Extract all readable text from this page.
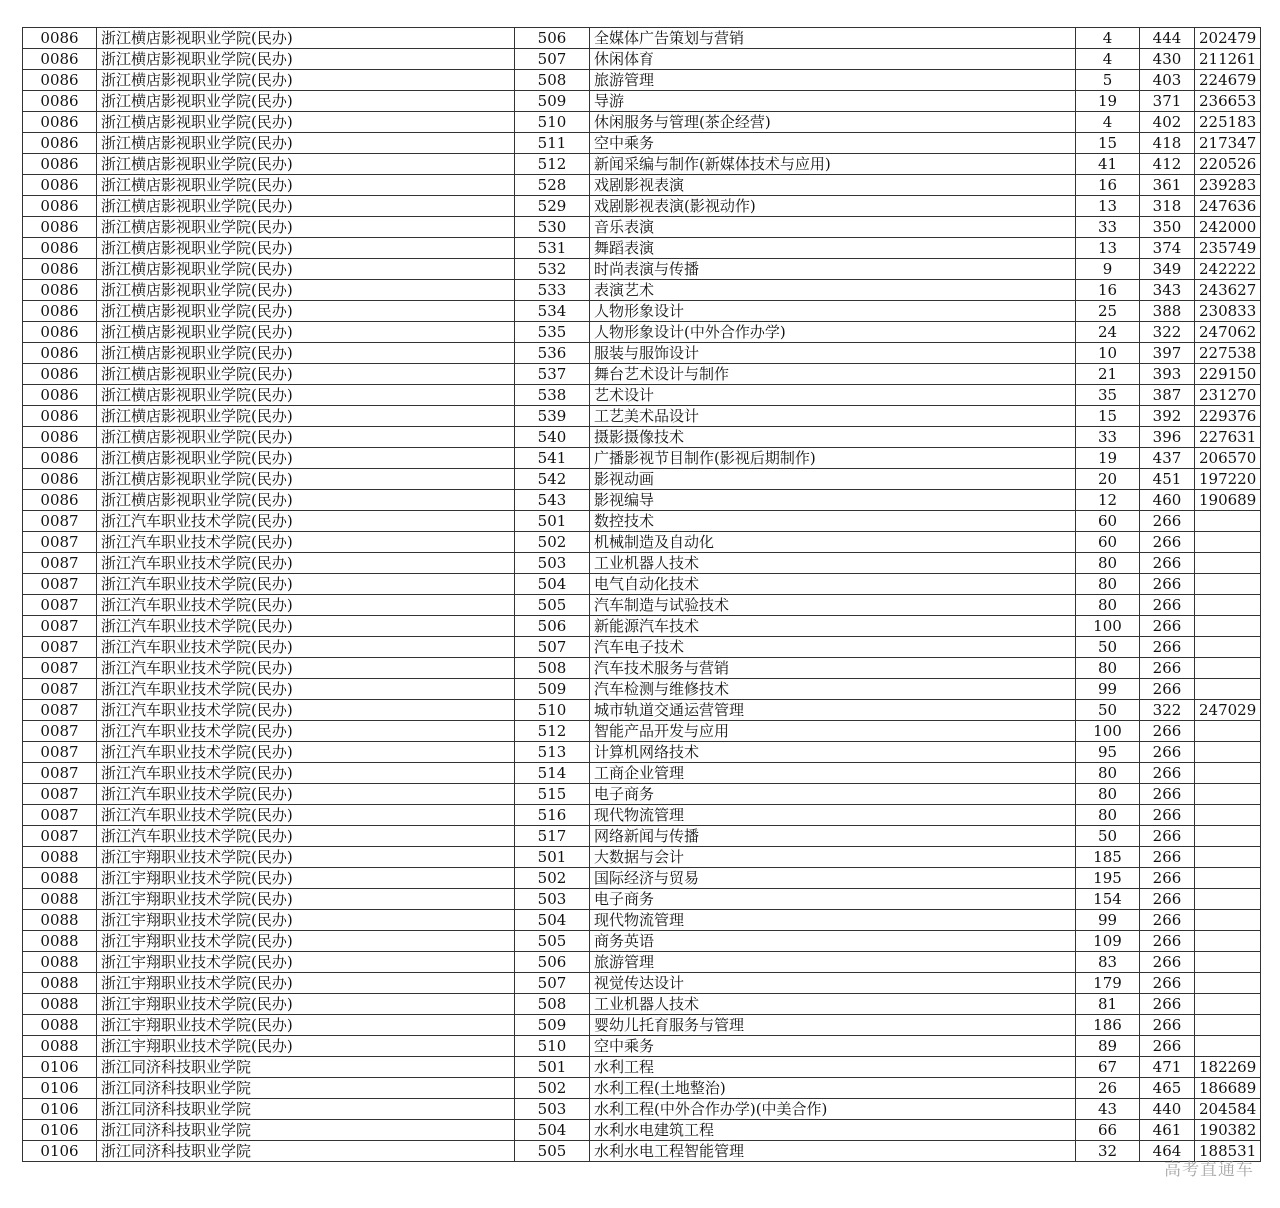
0086	浙江横店影视职业学院(民办)	506	全媒体广告策划与营销	4	444	202479
0086	浙江横店影视职业学院(民办)	507	休闲体育	4	430	211261
0086	浙江横店影视职业学院(民办)	508	旅游管理	5	403	224679
0086	浙江横店影视职业学院(民办)	509	导游	19	371	236653
0086	浙江横店影视职业学院(民办)	510	休闲服务与管理(茶企经营)	4	402	225183
0086	浙江横店影视职业学院(民办)	511	空中乘务	15	418	217347
0086	浙江横店影视职业学院(民办)	512	新闻采编与制作(新媒体技术与应用)	41	412	220526
0086	浙江横店影视职业学院(民办)	528	戏剧影视表演	16	361	239283
0086	浙江横店影视职业学院(民办)	529	戏剧影视表演(影视动作)	13	318	247636
0086	浙江横店影视职业学院(民办)	530	音乐表演	33	350	242000
0086	浙江横店影视职业学院(民办)	531	舞蹈表演	13	374	235749
0086	浙江横店影视职业学院(民办)	532	时尚表演与传播	9	349	242222
0086	浙江横店影视职业学院(民办)	533	表演艺术	16	343	243627
0086	浙江横店影视职业学院(民办)	534	人物形象设计	25	388	230833
0086	浙江横店影视职业学院(民办)	535	人物形象设计(中外合作办学)	24	322	247062
0086	浙江横店影视职业学院(民办)	536	服装与服饰设计	10	397	227538
0086	浙江横店影视职业学院(民办)	537	舞台艺术设计与制作	21	393	229150
0086	浙江横店影视职业学院(民办)	538	艺术设计	35	387	231270
0086	浙江横店影视职业学院(民办)	539	工艺美术品设计	15	392	229376
0086	浙江横店影视职业学院(民办)	540	摄影摄像技术	33	396	227631
0086	浙江横店影视职业学院(民办)	541	广播影视节目制作(影视后期制作)	19	437	206570
0086	浙江横店影视职业学院(民办)	542	影视动画	20	451	197220
0086	浙江横店影视职业学院(民办)	543	影视编导	12	460	190689
0087	浙江汽车职业技术学院(民办)	501	数控技术	60	266	
0087	浙江汽车职业技术学院(民办)	502	机械制造及自动化	60	266	
0087	浙江汽车职业技术学院(民办)	503	工业机器人技术	80	266	
0087	浙江汽车职业技术学院(民办)	504	电气自动化技术	80	266	
0087	浙江汽车职业技术学院(民办)	505	汽车制造与试验技术	80	266	
0087	浙江汽车职业技术学院(民办)	506	新能源汽车技术	100	266	
0087	浙江汽车职业技术学院(民办)	507	汽车电子技术	50	266	
0087	浙江汽车职业技术学院(民办)	508	汽车技术服务与营销	80	266	
0087	浙江汽车职业技术学院(民办)	509	汽车检测与维修技术	99	266	
0087	浙江汽车职业技术学院(民办)	510	城市轨道交通运营管理	50	322	247029
0087	浙江汽车职业技术学院(民办)	512	智能产品开发与应用	100	266	
0087	浙江汽车职业技术学院(民办)	513	计算机网络技术	95	266	
0087	浙江汽车职业技术学院(民办)	514	工商企业管理	80	266	
0087	浙江汽车职业技术学院(民办)	515	电子商务	80	266	
0087	浙江汽车职业技术学院(民办)	516	现代物流管理	80	266	
0087	浙江汽车职业技术学院(民办)	517	网络新闻与传播	50	266	
0088	浙江宇翔职业技术学院(民办)	501	大数据与会计	185	266	
0088	浙江宇翔职业技术学院(民办)	502	国际经济与贸易	195	266	
0088	浙江宇翔职业技术学院(民办)	503	电子商务	154	266	
0088	浙江宇翔职业技术学院(民办)	504	现代物流管理	99	266	
0088	浙江宇翔职业技术学院(民办)	505	商务英语	109	266	
0088	浙江宇翔职业技术学院(民办)	506	旅游管理	83	266	
0088	浙江宇翔职业技术学院(民办)	507	视觉传达设计	179	266	
0088	浙江宇翔职业技术学院(民办)	508	工业机器人技术	81	266	
0088	浙江宇翔职业技术学院(民办)	509	婴幼儿托育服务与管理	186	266	
0088	浙江宇翔职业技术学院(民办)	510	空中乘务	89	266	
0106	浙江同济科技职业学院	501	水利工程	67	471	182269
0106	浙江同济科技职业学院	502	水利工程(土地整治)	26	465	186689
0106	浙江同济科技职业学院	503	水利工程(中外合作办学)(中美合作)	43	440	204584
0106	浙江同济科技职业学院	504	水利水电建筑工程	66	461	190382
0106	浙江同济科技职业学院	505	水利水电工程智能管理	32	464	188531
高考直通车
